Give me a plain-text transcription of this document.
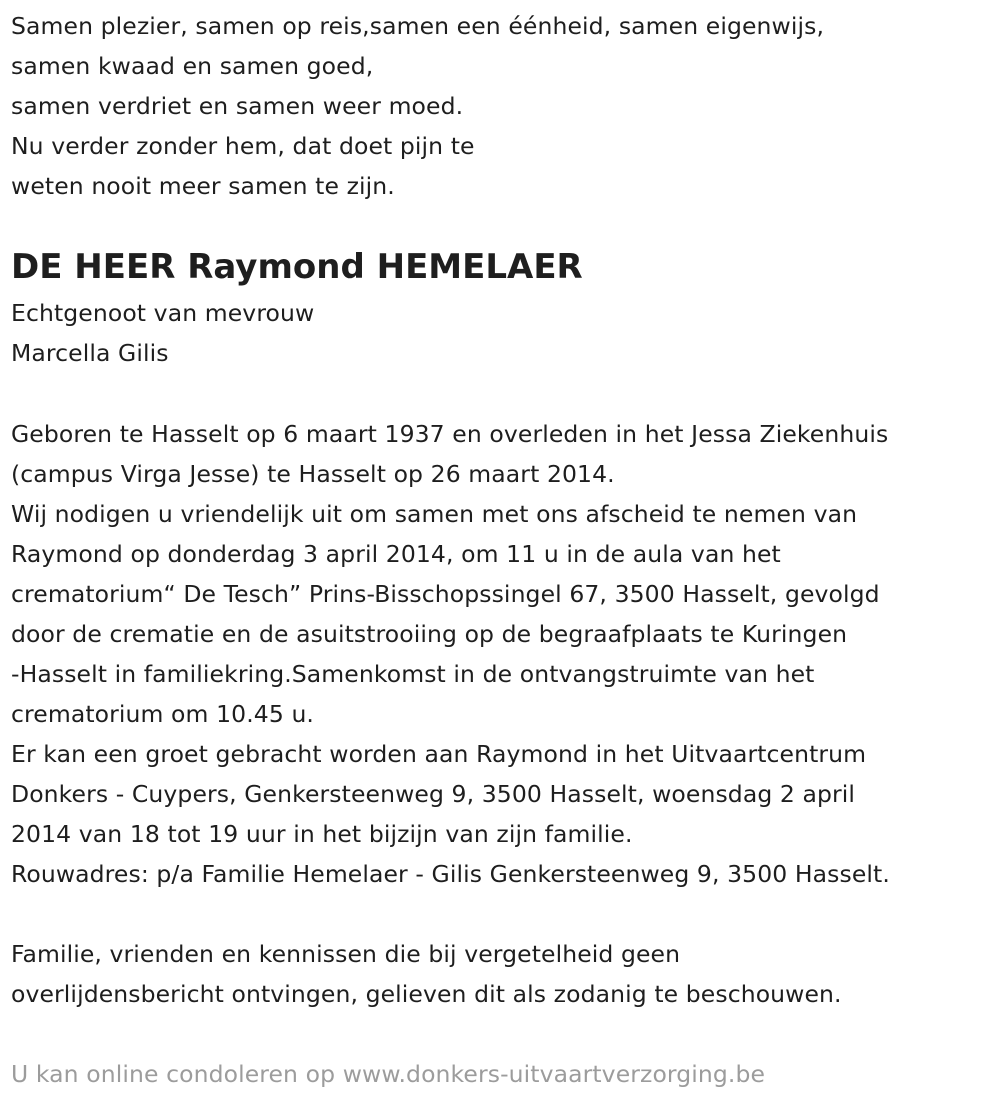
Samen plezier, samen op reis,samen een éénheid, samen eigenwijs,
samen kwaad en samen goed,
samen verdriet en samen weer moed.
Nu verder zonder hem, dat doet pijn te
weten nooit meer samen te zijn.
DE HEER Raymond HEMELAER
Echtgenoot van mevrouw
Marcella Gilis
Geboren te Hasselt op 6 maart 1937 en overleden in het Jessa Ziekenhuis
(campus Virga Jesse) te Hasselt op 26 maart 2014.
Wij nodigen u vriendelijk uit om samen met ons afscheid te nemen van
Raymond op donderdag 3 april 2014, om 11 u in de aula van het
crematorium“ De Tesch” Prins-Bisschopssingel 67, 3500 Hasselt, gevolgd
door de crematie en de asuitstrooiing op de begraafplaats te Kuringen
-Hasselt in familiekring.Samenkomst in de ontvangstruimte van het
crematorium om 10.45 u.
Er kan een groet gebracht worden aan Raymond in het Uitvaartcentrum
Donkers - Cuypers, Genkersteenweg 9, 3500 Hasselt, woensdag 2 april
2014 van 18 tot 19 uur in het bijzijn van zijn familie.
Rouwadres: p/a Familie Hemelaer - Gilis Genkersteenweg 9, 3500 Hasselt.
Familie, vrienden en kennissen die bij vergetelheid geen
overlijdensbericht ontvingen, gelieven dit als zodanig te beschouwen.
U kan online condoleren op www.donkers-uitvaartverzorging.be
